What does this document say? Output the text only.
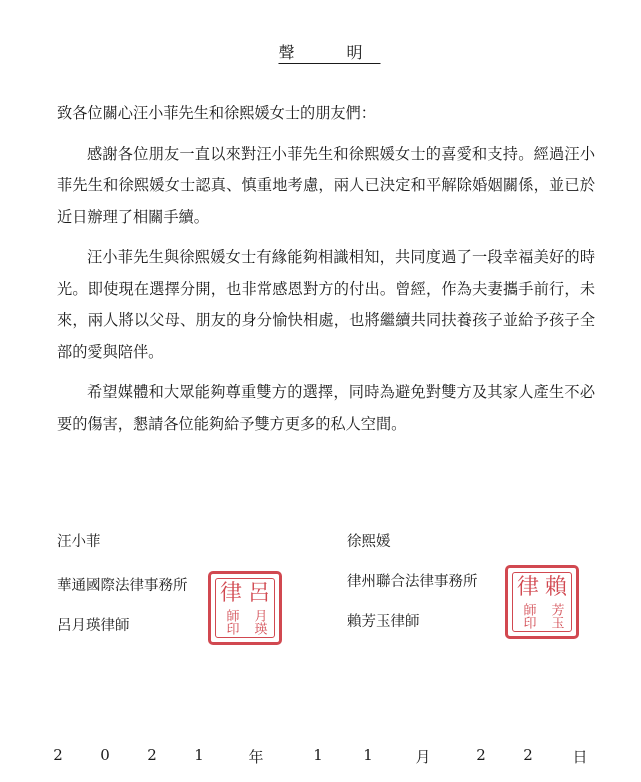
聲　明

致各位關心汪小菲先生和徐熙媛女士的朋友們：

感謝各位朋友一直以來對汪小菲先生和徐熙媛女士的喜愛和支持。經過汪小菲先生和徐熙媛女士認真、慎重地考慮，兩人已決定和平解除婚姻關係，並已於近日辦理了相關手續。

汪小菲先生與徐熙媛女士有緣能夠相識相知，共同度過了一段幸福美好的時光。即使現在選擇分開，也非常感恩對方的付出。曾經，作為夫妻攜手前行，未來，兩人將以父母、朋友的身分愉快相處，也將繼續共同扶養孩子並給予孩子全部的愛與陪伴。

希望媒體和大眾能夠尊重雙方的選擇，同時為避免對雙方及其家人產生不必要的傷害，懇請各位能夠給予雙方更多的私人空間。

汪小菲
華通國際法律事務所
呂月瑛律師
律 呂
師印	月瑛
徐熙媛
律州聯合法律事務所
賴芳玉律師
律 賴
師印	芳玉
2	0	2	1	年	1	1	月	2	2	日
